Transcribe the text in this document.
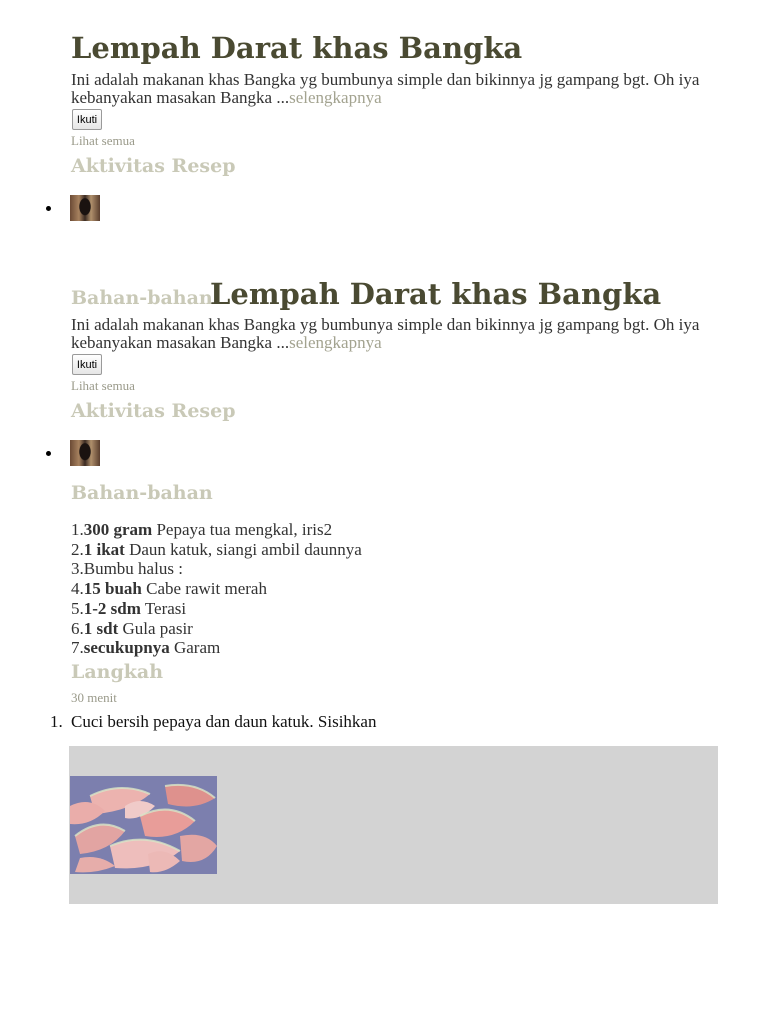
Lempah Darat khas Bangka
Ini adalah makanan khas Bangka yg bumbunya simple dan bikinnya jg gampang bgt. Oh iya kebanyakan masakan Bangka ...selengkapnya
Ikuti
Lihat semua
Aktivitas Resep
Bahan-bahan
Lempah Darat khas Bangka
Ini adalah makanan khas Bangka yg bumbunya simple dan bikinnya jg gampang bgt. Oh iya kebanyakan masakan Bangka ...selengkapnya
Ikuti
Lihat semua
Aktivitas Resep
Bahan-bahan
1.300 gram Pepaya tua mengkal, iris2
2.1 ikat Daun katuk, siangi ambil daunnya
3.Bumbu halus :
4.15 buah Cabe rawit merah
5.1-2 sdm Terasi
6.1 sdt Gula pasir
7.secukupnya Garam
Langkah
30 menit
1. Cuci bersih pepaya dan daun katuk. Sisihkan
